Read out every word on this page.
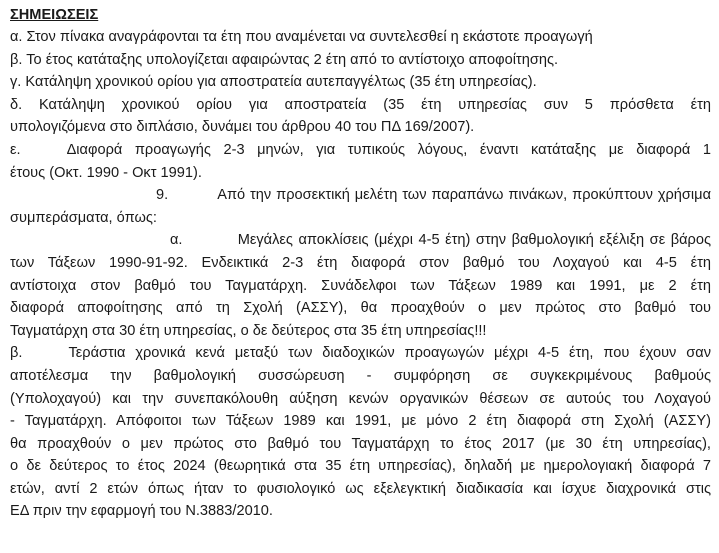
ΣΗΜΕΙΩΣΕΙΣ

α. Στον πίνακα αναγράφονται τα έτη που αναμένεται να συντελεσθεί η εκάστοτε προαγωγή

β. Το έτος κατάταξης υπολογίζεται αφαιρώντας 2 έτη από το αντίστοιχο αποφοίτησης.

γ. Κατάληψη χρονικού ορίου για αποστρατεία αυτεπαγγέλτως (35 έτη υπηρεσίας).

δ. Κατάληψη χρονικού ορίου για αποστρατεία (35 έτη υπηρεσίας συν 5 πρόσθετα έτη
υπολογιζόμενα στο διπλάσιο, δυνάμει του άρθρου 40 του ΠΔ 169/2007).
ε.	Διαφορά προαγωγής 2-3 μηνών, για τυπικούς λόγους, έναντι κατάταξης με διαφορά 1
έτους (Οκτ. 1990 - Οκτ 1991).
9.	Από την προσεκτική μελέτη των παραπάνω πινάκων, προκύπτουν χρήσιμα
συμπεράσματα, όπως:
α.	Μεγάλες αποκλίσεις (μέχρι 4-5 έτη) στην βαθμολογική εξέλιξη σε βάρος
των Τάξεων 1990-91-92. Ενδεικτικά 2-3 έτη διαφορά στον βαθμό του Λοχαγού και 4-5 έτη
αντίστοιχα στον βαθμό του Ταγματάρχη. Συνάδελφοι των Τάξεων 1989 και 1991, με 2 έτη
διαφορά αποφοίτησης από τη Σχολή (ΑΣΣΥ), θα προαχθούν ο μεν πρώτος στο βαθμό του
Ταγματάρχη στα 30 έτη υπηρεσίας, ο δε δεύτερος στα 35 έτη υπηρεσίας!!!
β.	Τεράστια χρονικά κενά μεταξύ των διαδοχικών προαγωγών μέχρι 4-5 έτη, που έχουν σαν
αποτέλεσμα την βαθμολογική συσσώρευση - συμφόρηση σε συγκεκριμένους βαθμούς
(Υπολοχαγού) και την συνεπακόλουθη αύξηση κενών οργανικών θέσεων σε αυτούς του Λοχαγού
- Ταγματάρχη. Απόφοιτοι των Τάξεων 1989 και 1991, με μόνο 2 έτη διαφορά στη Σχολή (ΑΣΣΥ)
θα προαχθούν ο μεν πρώτος στο βαθμό του Ταγματάρχη το έτος 2017 (με 30 έτη υπηρεσίας),
ο δε δεύτερος το έτος 2024 (θεωρητικά στα 35 έτη υπηρεσίας), δηλαδή με ημερολογιακή διαφορά 7
ετών, αντί 2 ετών όπως ήταν το φυσιολογικό ως εξελεγκτική διαδικασία και ίσχυε διαχρονικά στις
ΕΔ πριν την εφαρμογή του Ν.3883/2010.
